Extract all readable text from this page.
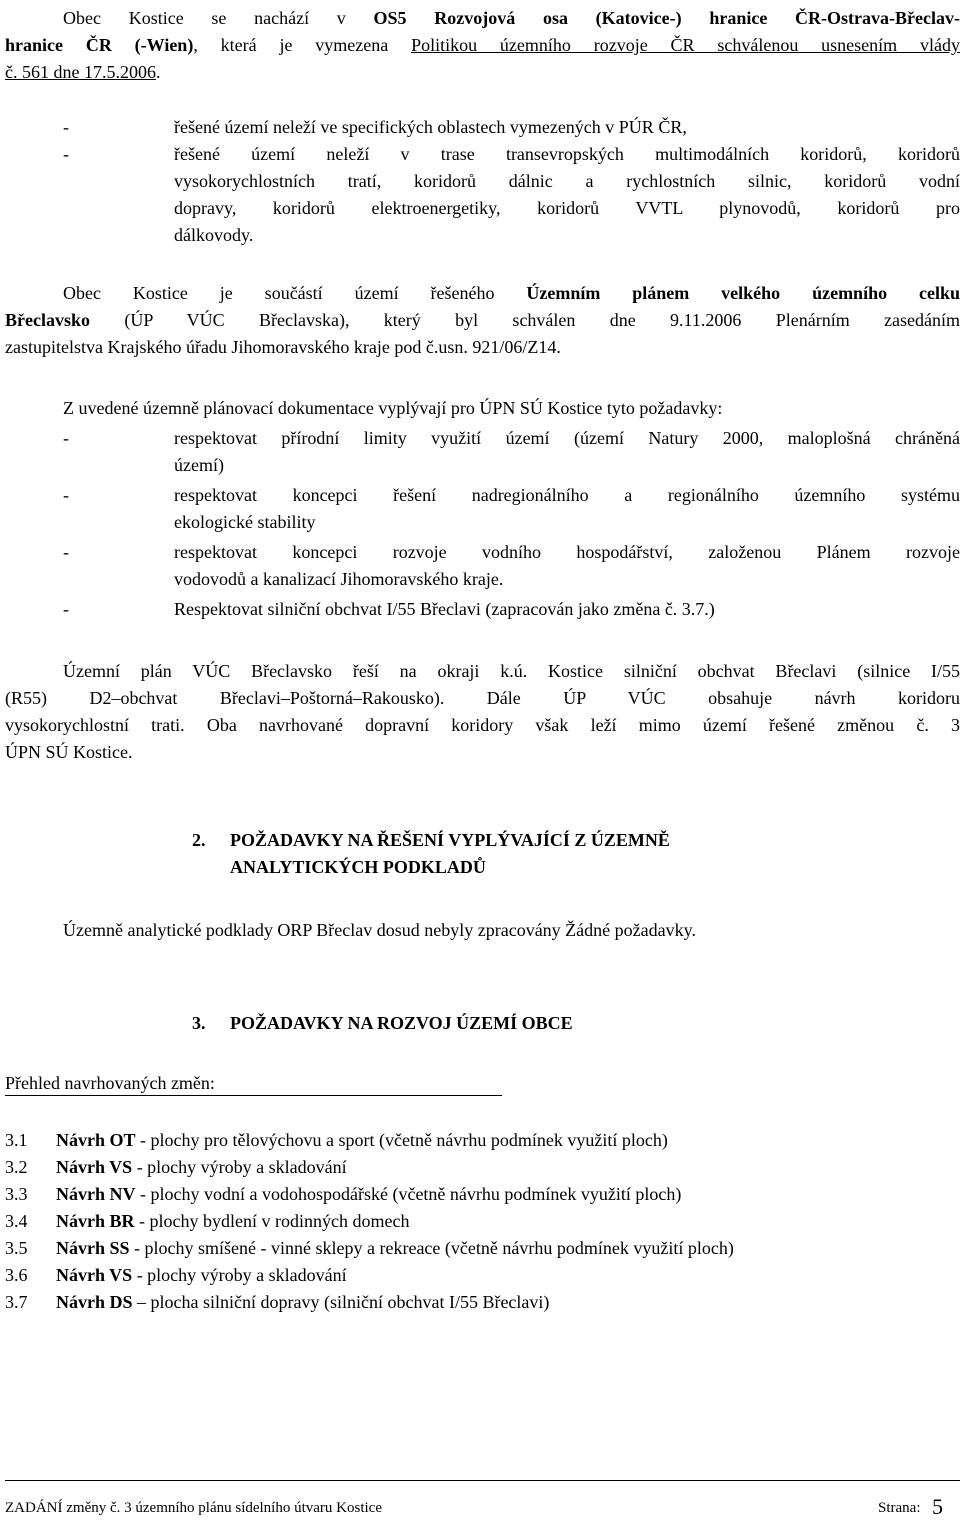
Obec Kostice se nachází v OS5 Rozvojová osa (Katovice-) hranice ČR-Ostrava-Břeclav-
hranice ČR (-Wien), která je vymezena Politikou územního rozvoje ČR schválenou usnesením vlády
č. 561 dne 17.5.2006.
-	řešené území neleží ve specifických oblastech vymezených v PÚR ČR,
-	řešené území neleží v trase transevropských multimodálních koridorů, koridorů
vysokorychlostních tratí, koridorů dálnic a rychlostních silnic, koridorů vodní
dopravy, koridorů elektroenergetiky, koridorů VVTL plynovodů, koridorů pro
dálkovody.
Obec Kostice je součástí území řešeného Územním plánem velkého územního celku
Břeclavsko (ÚP VÚC Břeclavska), který byl schválen dne 9.11.2006 Plenárním zasedáním
zastupitelstva Krajského úřadu Jihomoravského kraje pod č.usn. 921/06/Z14.
Z uvedené územně plánovací dokumentace vyplývají pro ÚPN SÚ Kostice tyto požadavky:
-	respektovat přírodní limity využití území (území Natury 2000, maloplošná chráněná
území)
-	respektovat koncepci řešení nadregionálního a regionálního územního systému
ekologické stability
-	respektovat koncepci rozvoje vodního hospodářství, založenou Plánem rozvoje
vodovodů a kanalizací Jihomoravského kraje.
-	Respektovat silniční obchvat I/55 Břeclavi (zapracován jako změna č. 3.7.)
Územní plán VÚC Břeclavsko řeší na okraji k.ú. Kostice silniční obchvat Břeclavi (silnice I/55
(R55) D2–obchvat Břeclavi–Poštorná–Rakousko). Dále ÚP VÚC obsahuje návrh koridoru
vysokorychlostní trati. Oba navrhované dopravní koridory však leží mimo území řešené změnou č. 3
ÚPN SÚ Kostice.
2. POŽADAVKY NA ŘEŠENÍ VYPLÝVAJÍCÍ Z ÚZEMNĚ
ANALYTICKÝCH PODKLADŮ
Územně analytické podklady ORP Břeclav dosud nebyly zpracovány Žádné požadavky.
3. POŽADAVKY NA ROZVOJ ÚZEMÍ OBCE
Přehled navrhovaných změn:
3.1 Návrh OT - plochy pro tělovýchovu a sport (včetně návrhu podmínek využití ploch)
3.2 Návrh VS - plochy výroby a skladování
3.3 Návrh NV - plochy vodní a vodohospodářské (včetně návrhu podmínek využití ploch)
3.4 Návrh BR - plochy bydlení v rodinných domech
3.5 Návrh SS - plochy smíšené - vinné sklepy a rekreace (včetně návrhu podmínek využití ploch)
3.6 Návrh VS - plochy výroby a skladování
3.7 Návrh DS – plocha silniční dopravy (silniční obchvat I/55 Břeclavi)
ZADÁNÍ změny č. 3 územního plánu sídelního útvaru Kostice	Strana: 5
